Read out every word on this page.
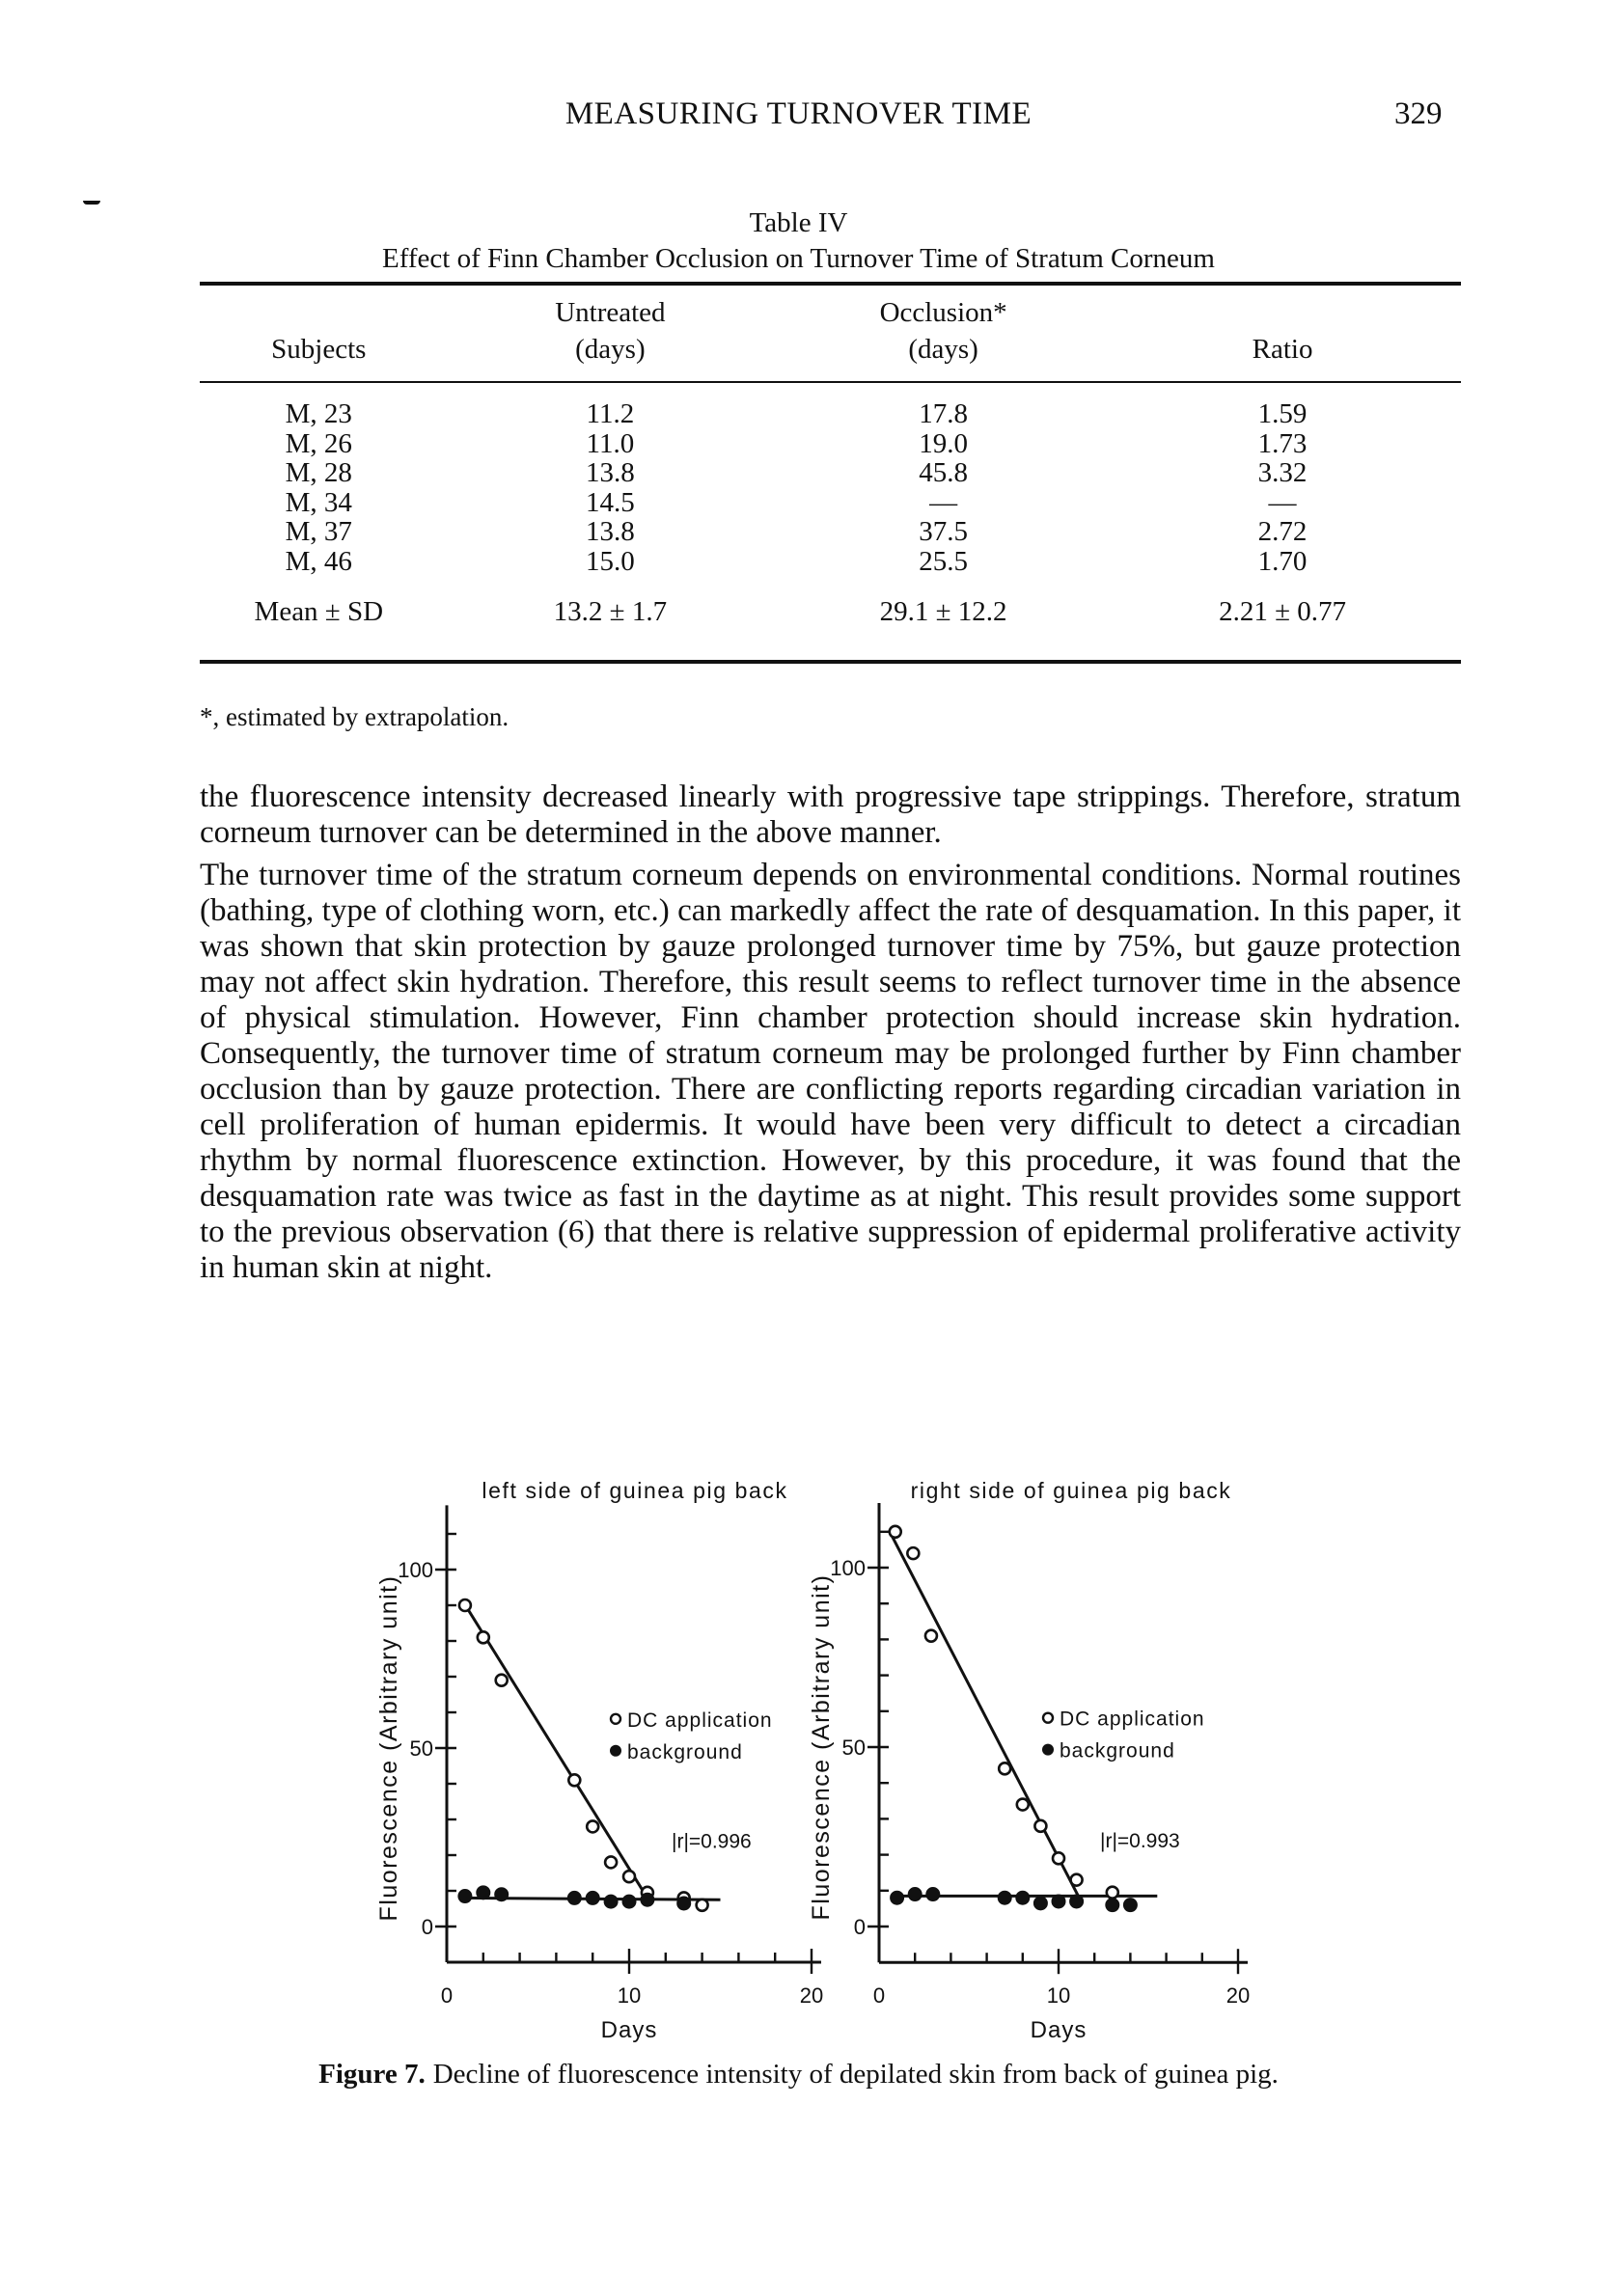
MEASURING TURNOVER TIME	329
Table IV
Effect of Finn Chamber Occlusion on Turnover Time of Stratum Corneum
	Untreated	Occlusion*	
Subjects	(days)	(days)	Ratio
M, 23	11.2	17.8	1.59
M, 26	11.0	19.0	1.73
M, 28	13.8	45.8	3.32
M, 34	14.5	—	—
M, 37	13.8	37.5	2.72
M, 46	15.0	25.5	1.70
Mean ± SD	13.2 ± 1.7	29.1 ± 12.2	2.21 ± 0.77
*, estimated by extrapolation.
the fluorescence intensity decreased linearly with progressive tape strippings. Therefore, stratum corneum turnover can be determined in the above manner.
The turnover time of the stratum corneum depends on environmental conditions. Normal routines (bathing, type of clothing worn, etc.) can markedly affect the rate of desquamation. In this paper, it was shown that skin protection by gauze prolonged turnover time by 75%, but gauze protection may not affect skin hydration. Therefore, this result seems to reflect turnover time in the absence of physical stimulation. However, Finn chamber protection should increase skin hydration. Consequently, the turnover time of stratum corneum may be prolonged further by Finn chamber occlusion than by gauze protection. There are conflicting reports regarding circadian variation in cell proliferation of human epidermis. It would have been very difficult to detect a circadian rhythm by normal fluorescence extinction. However, by this procedure, it was found that the desquamation rate was twice as fast in the daytime as at night. This result provides some support to the previous observation (6) that there is relative suppression of epidermal proliferative activity in human skin at night.
0
50
100
0	10	20
Days
Fluorescence (Arbitrary unit)
left side of guinea pig back
DC application
background
|r|=0.996
0
50
100
0	10	20
Days
Fluorescence (Arbitrary unit)
right side of guinea pig back
DC application
background
|r|=0.993
Figure 7. Decline of fluorescence intensity of depilated skin from back of guinea pig.
